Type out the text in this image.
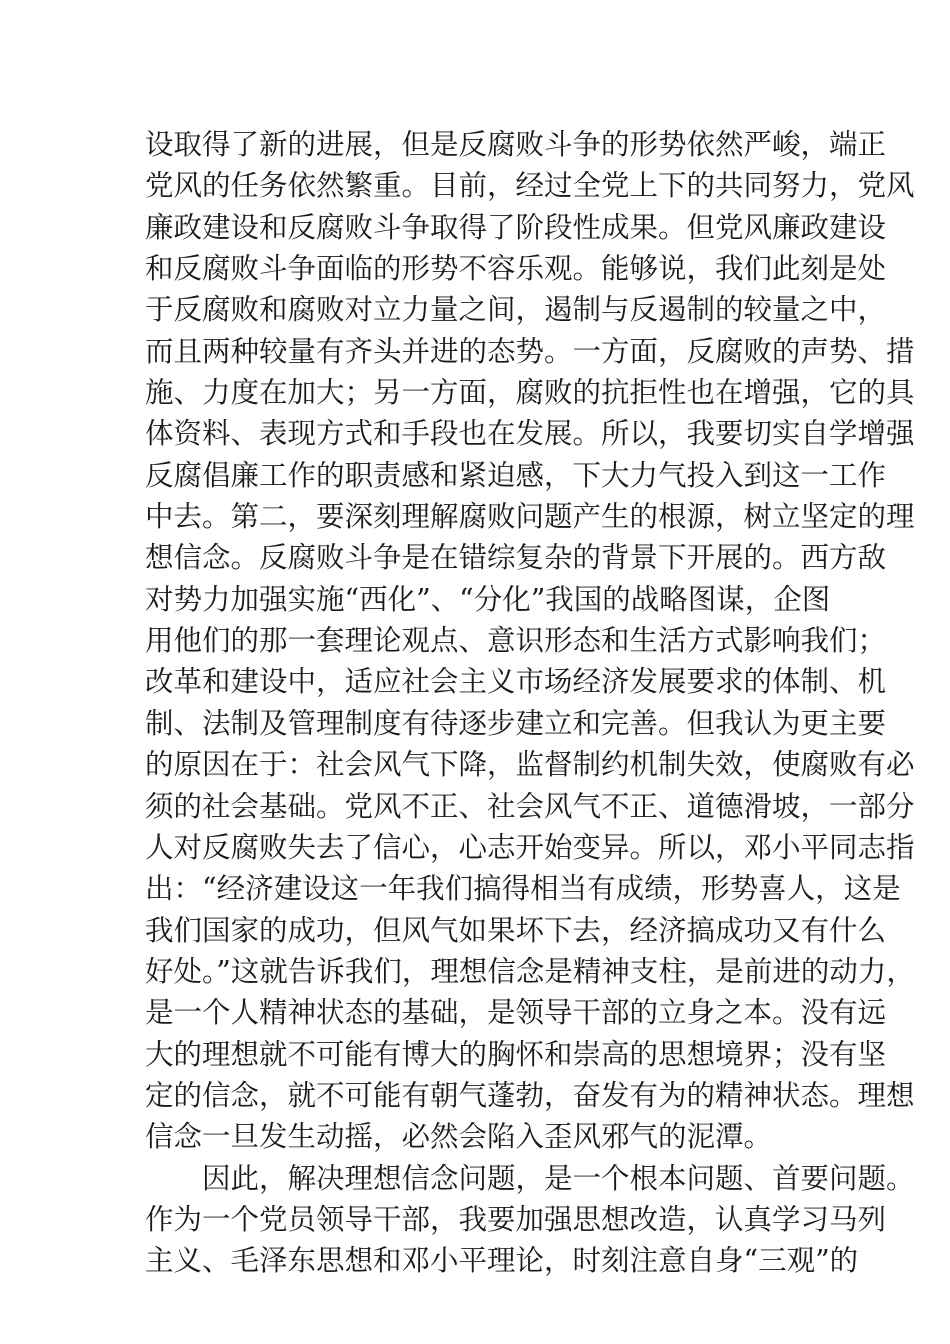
设取得了新的进展，但是反腐败斗争的形势依然严峻，端正
党风的任务依然繁重。目前，经过全党上下的共同努力，党风
廉政建设和反腐败斗争取得了阶段性成果。但党风廉政建设
和反腐败斗争面临的形势不容乐观。能够说，我们此刻是处
于反腐败和腐败对立力量之间，遏制与反遏制的较量之中，
而且两种较量有齐头并进的态势。一方面，反腐败的声势、措
施、力度在加大；另一方面，腐败的抗拒性也在增强，它的具
体资料、表现方式和手段也在发展。所以，我要切实自学增强
反腐倡廉工作的职责感和紧迫感，下大力气投入到这一工作
中去。第二，要深刻理解腐败问题产生的根源，树立坚定的理
想信念。反腐败斗争是在错综复杂的背景下开展的。西方敌
对势力加强实施“西化”、“分化”我国的战略图谋，企图
用他们的那一套理论观点、意识形态和生活方式影响我们；
改革和建设中，适应社会主义市场经济发展要求的体制、机
制、法制及管理制度有待逐步建立和完善。但我认为更主要
的原因在于：社会风气下降，监督制约机制失效，使腐败有必
须的社会基础。党风不正、社会风气不正、道德滑坡，一部分
人对反腐败失去了信心，心志开始变异。所以，邓小平同志指
出：“经济建设这一年我们搞得相当有成绩，形势喜人，这是
我们国家的成功，但风气如果坏下去，经济搞成功又有什么
好处。”这就告诉我们，理想信念是精神支柱，是前进的动力，
是一个人精神状态的基础，是领导干部的立身之本。没有远
大的理想就不可能有博大的胸怀和崇高的思想境界；没有坚
定的信念，就不可能有朝气蓬勃，奋发有为的精神状态。理想
信念一旦发生动摇，必然会陷入歪风邪气的泥潭。
因此，解决理想信念问题，是一个根本问题、首要问题。
作为一个党员领导干部，我要加强思想改造，认真学习马列
主义、毛泽东思想和邓小平理论，时刻注意自身“三观”的
